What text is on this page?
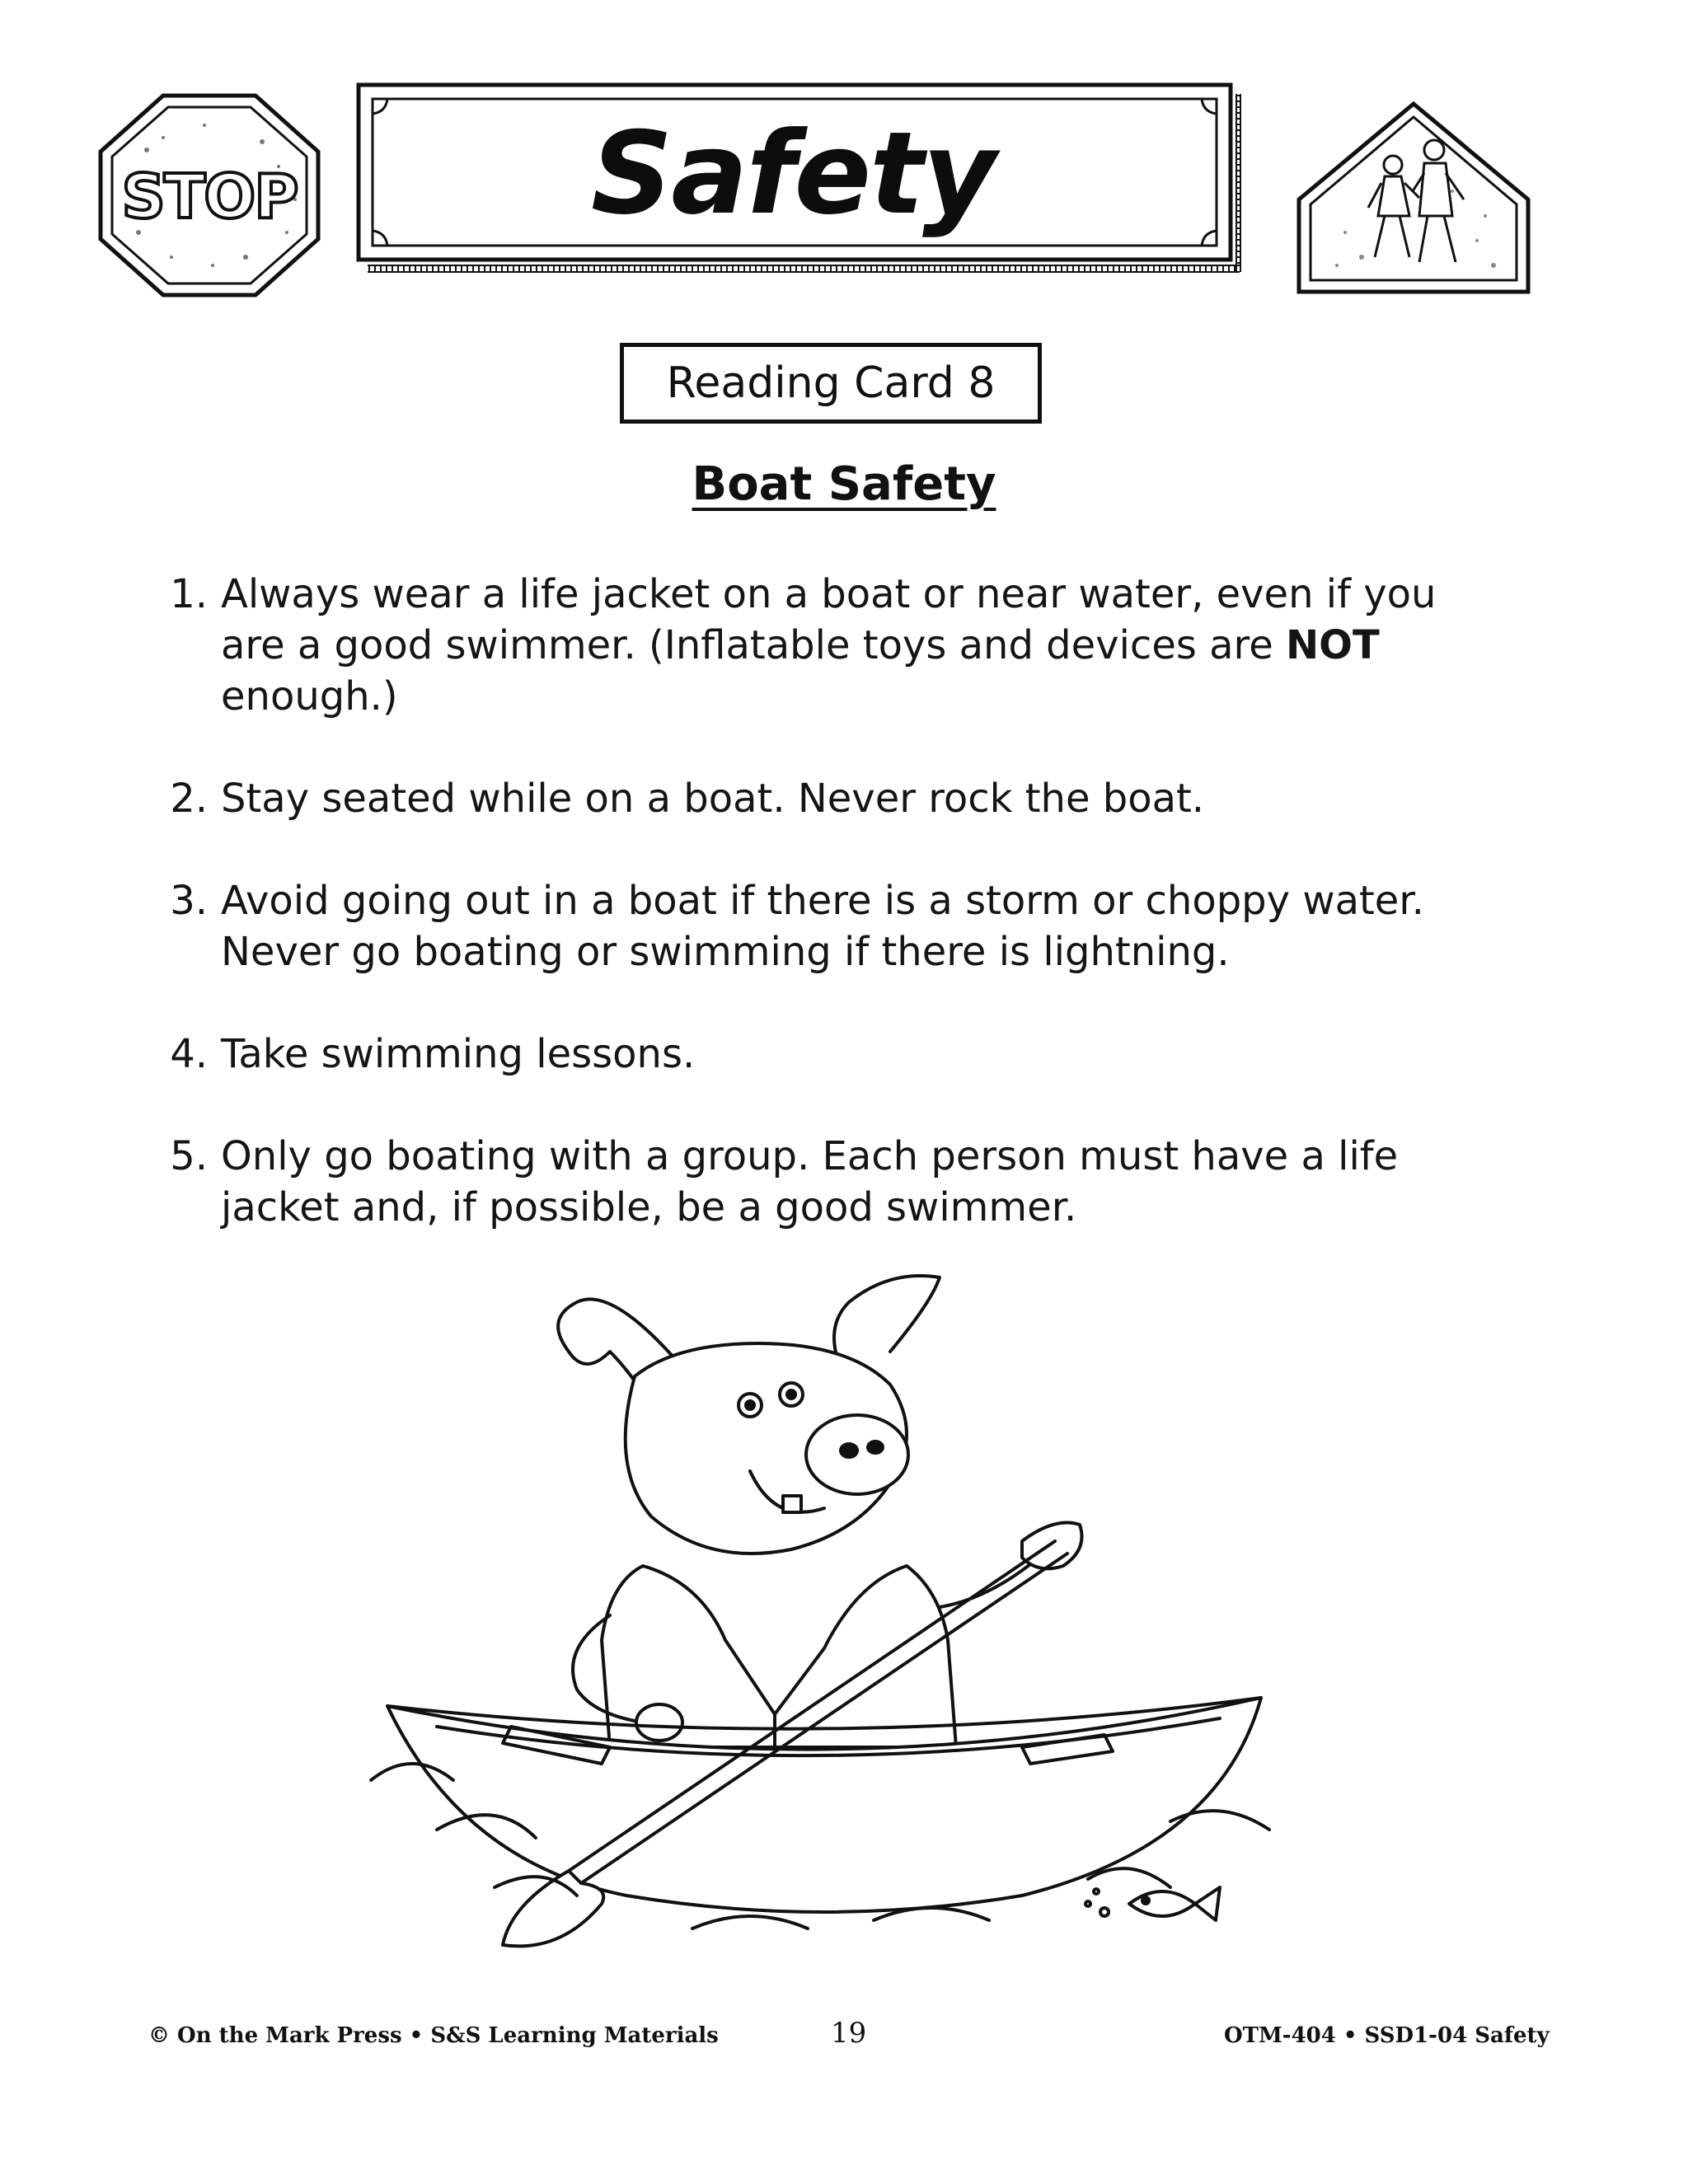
STOP	Safety
Reading Card 8
Boat Safety
1. Always wear a life jacket on a boat or near water, even if you are a good swimmer. (Inflatable toys and devices are NOT enough.)
2. Stay seated while on a boat. Never rock the boat.
3. Avoid going out in a boat if there is a storm or choppy water. Never go boating or swimming if there is lightning.
4. Take swimming lessons.
5. Only go boating with a group. Each person must have a life jacket and, if possible, be a good swimmer.
© On the Mark Press • S&S Learning Materials	19	OTM-404 • SSD1-04 Safety
